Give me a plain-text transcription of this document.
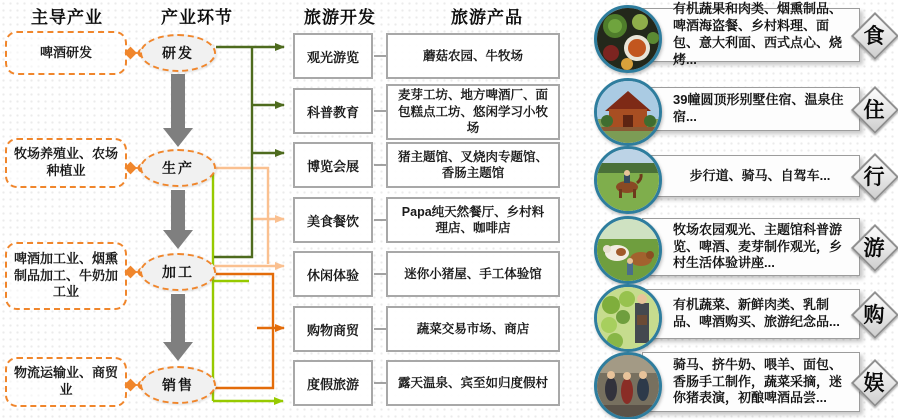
主导产业	产业环节	旅游开发	旅游产品
啤酒研发
牧场养殖业、农场种植业
啤酒加工业、烟熏制品加工、牛奶加工业
物流运输业、商贸业
研发
生产
加工
销售
观光游览
科普教育
博览会展
美食餐饮
休闲体验
购物商贸
度假旅游
蘑菇农园、牛牧场
麦芽工坊、地方啤酒厂、面包糕点工坊、悠闲学习小牧场
猪主题馆、叉烧肉专题馆、香肠主题馆
Papa纯天然餐厅、乡村料理店、咖啡店
迷你小猪屋、手工体验馆
蔬菜交易市场、商店
露天温泉、宾至如归度假村
有机蔬果和肉类、烟熏制品、啤酒海盗餐、乡村料理、面包、意大利面、西式点心、烧烤...
食
39幢圆顶形别墅住宿、温泉住宿...	住
步行道、骑马、自驾车...	行
牧场农园观光、主题馆科普游览、啤酒、麦芽制作观光，乡村生活体验讲座...
游
有机蔬菜、新鲜肉类、乳制品、啤酒购买、旅游纪念品...	购
骑马、挤牛奶、喂羊、面包、香肠手工制作，蔬菜采摘，迷你猪表演，初酿啤酒品尝...
娱
